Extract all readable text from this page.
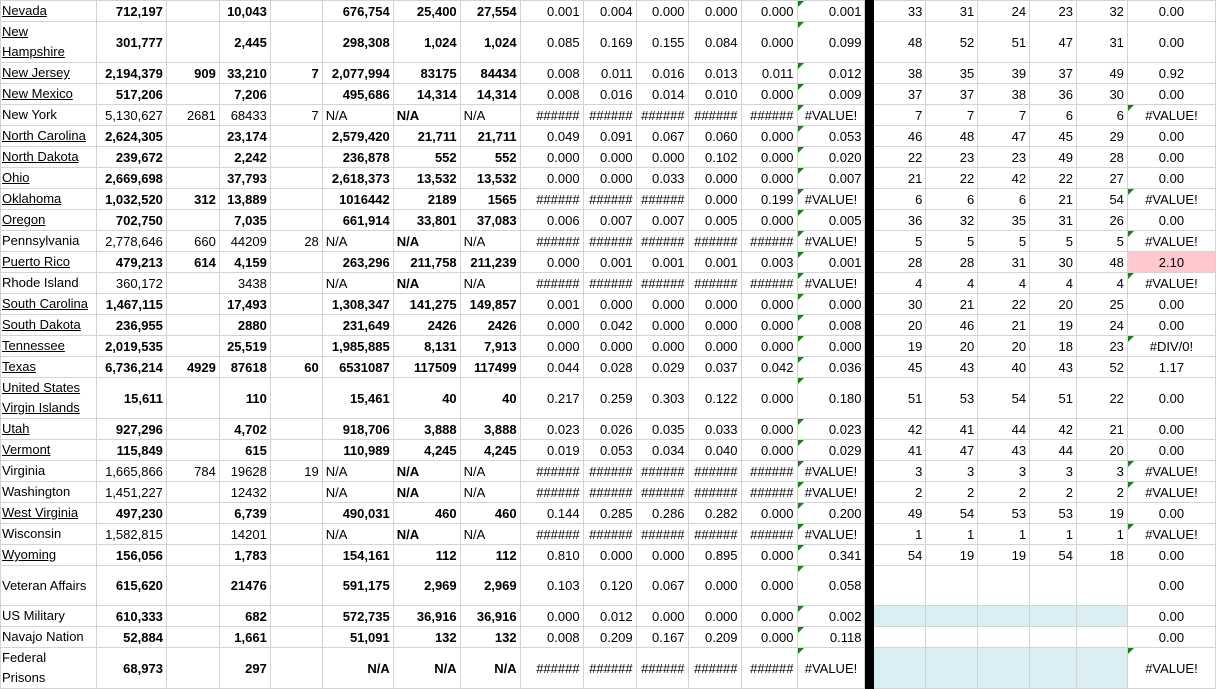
Nevada	712,197		10,043		676,754	25,400	27,554	0.001	0.004	0.000	0.000	0.000	0.001		33	31	24	23	32	0.00
New Hampshire	301,777		2,445		298,308	1,024	1,024	0.085	0.169	0.155	0.084	0.000	0.099		48	52	51	47	31	0.00
New Jersey	2,194,379	909	33,210	7	2,077,994	83175	84434	0.008	0.011	0.016	0.013	0.011	0.012		38	35	39	37	49	0.92
New Mexico	517,206		7,206		495,686	14,314	14,314	0.008	0.016	0.014	0.010	0.000	0.009		37	37	38	36	30	0.00
New York	5,130,627	2681	68433	7	N/A	N/A	N/A	######	######	######	######	######	#VALUE!		7	7	7	6	6	#VALUE!
North Carolina	2,624,305		23,174		2,579,420	21,711	21,711	0.049	0.091	0.067	0.060	0.000	0.053		46	48	47	45	29	0.00
North Dakota	239,672		2,242		236,878	552	552	0.000	0.000	0.000	0.102	0.000	0.020		22	23	23	49	28	0.00
Ohio	2,669,698		37,793		2,618,373	13,532	13,532	0.000	0.000	0.033	0.000	0.000	0.007		21	22	42	22	27	0.00
Oklahoma	1,032,520	312	13,889		1016442	2189	1565	######	######	######	0.000	0.199	#VALUE!		6	6	6	21	54	#VALUE!
Oregon	702,750		7,035		661,914	33,801	37,083	0.006	0.007	0.007	0.005	0.000	0.005		36	32	35	31	26	0.00
Pennsylvania	2,778,646	660	44209	28	N/A	N/A	N/A	######	######	######	######	######	#VALUE!		5	5	5	5	5	#VALUE!
Puerto Rico	479,213	614	4,159		263,296	211,758	211,239	0.000	0.001	0.001	0.001	0.003	0.001		28	28	31	30	48	2.10
Rhode Island	360,172		3438		N/A	N/A	N/A	######	######	######	######	######	#VALUE!		4	4	4	4	4	#VALUE!
South Carolina	1,467,115		17,493		1,308,347	141,275	149,857	0.001	0.000	0.000	0.000	0.000	0.000		30	21	22	20	25	0.00
South Dakota	236,955		2880		231,649	2426	2426	0.000	0.042	0.000	0.000	0.000	0.008		20	46	21	19	24	0.00
Tennessee	2,019,535		25,519		1,985,885	8,131	7,913	0.000	0.000	0.000	0.000	0.000	0.000		19	20	20	18	23	#DIV/0!
Texas	6,736,214	4929	87618	60	6531087	117509	117499	0.044	0.028	0.029	0.037	0.042	0.036		45	43	40	43	52	1.17
United States Virgin Islands	15,611		110		15,461	40	40	0.217	0.259	0.303	0.122	0.000	0.180		51	53	54	51	22	0.00
Utah	927,296		4,702		918,706	3,888	3,888	0.023	0.026	0.035	0.033	0.000	0.023		42	41	44	42	21	0.00
Vermont	115,849		615		110,989	4,245	4,245	0.019	0.053	0.034	0.040	0.000	0.029		41	47	43	44	20	0.00
Virginia	1,665,866	784	19628	19	N/A	N/A	N/A	######	######	######	######	######	#VALUE!		3	3	3	3	3	#VALUE!
Washington	1,451,227		12432		N/A	N/A	N/A	######	######	######	######	######	#VALUE!		2	2	2	2	2	#VALUE!
West Virginia	497,230		6,739		490,031	460	460	0.144	0.285	0.286	0.282	0.000	0.200		49	54	53	53	19	0.00
Wisconsin	1,582,815		14201		N/A	N/A	N/A	######	######	######	######	######	#VALUE!		1	1	1	1	1	#VALUE!
Wyoming	156,056		1,783		154,161	112	112	0.810	0.000	0.000	0.895	0.000	0.341		54	19	19	54	18	0.00
Veteran Affairs	615,620		21476		591,175	2,969	2,969	0.103	0.120	0.067	0.000	0.000	0.058							0.00
US Military	610,333		682		572,735	36,916	36,916	0.000	0.012	0.000	0.000	0.000	0.002							0.00
Navajo Nation	52,884		1,661		51,091	132	132	0.008	0.209	0.167	0.209	0.000	0.118							0.00
Federal Prisons	68,973		297		N/A	N/A	N/A	######	######	######	######	######	#VALUE!							#VALUE!
